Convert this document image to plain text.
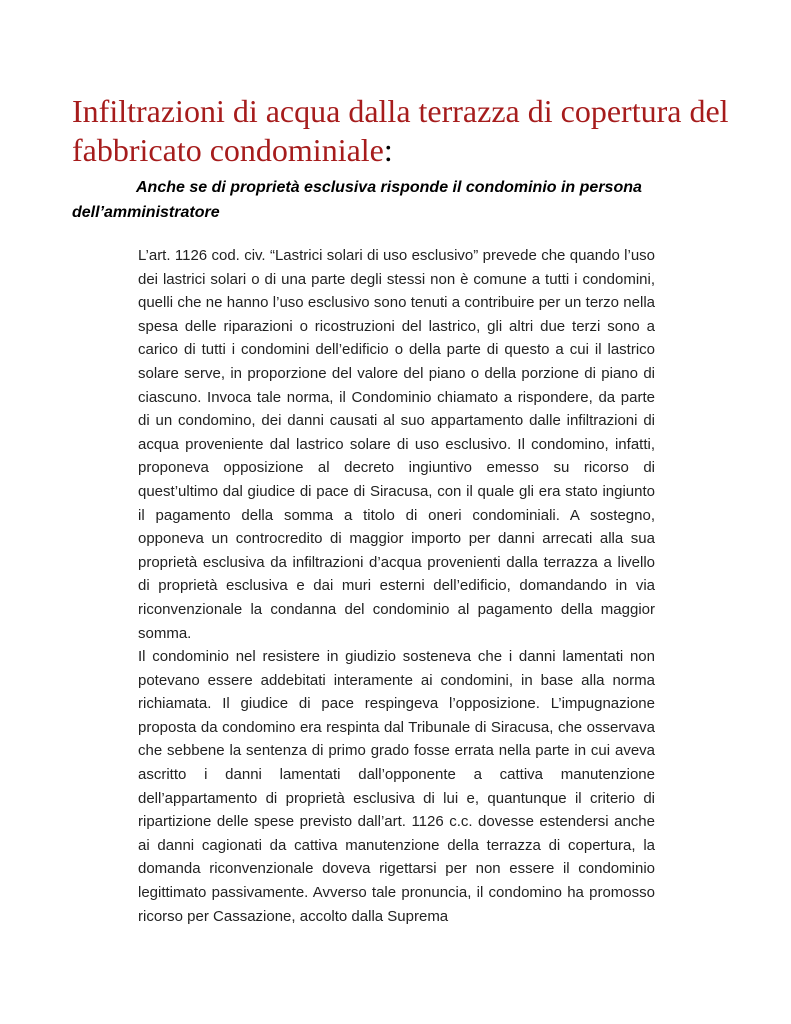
Infiltrazioni di acqua dalla terrazza di copertura del fabbricato condominiale:

Anche se di proprietà esclusiva risponde il condominio in persona dell’amministratore

L’art. 1126 cod. civ. “Lastrici solari di uso esclusivo” prevede che quando l’uso dei lastrici solari o di una parte degli stessi non è comune a tutti i condomini, quelli che ne hanno l’uso esclusivo sono tenuti a contribuire per un terzo nella spesa delle riparazioni o ricostruzioni del lastrico, gli altri due terzi sono a carico di tutti i condomini dell’edificio o della parte di questo a cui il lastrico solare serve, in proporzione del valore del piano o della porzione di piano di ciascuno. Invoca tale norma, il Condominio chiamato a rispondere, da parte di un condomino, dei danni causati al suo appartamento dalle infiltrazioni di acqua proveniente dal lastrico solare di uso esclusivo. Il condomino, infatti, proponeva opposizione al decreto ingiuntivo emesso su ricorso di quest’ultimo dal giudice di pace di Siracusa, con il quale gli era stato ingiunto il pagamento della somma a titolo di oneri condominiali. A sostegno, opponeva un controcredito di maggior importo per danni arrecati alla sua proprietà esclusiva da infiltrazioni d’acqua provenienti dalla terrazza a livello di proprietà esclusiva e dai muri esterni dell’edificio, domandando in via riconvenzionale la condanna del condominio al pagamento della maggior somma.

Il condominio nel resistere in giudizio sosteneva che i danni lamentati non potevano essere addebitati interamente ai condomini, in base alla norma richiamata. Il giudice di pace respingeva l’opposizione. L’impugnazione proposta da condomino era respinta dal Tribunale di Siracusa, che osservava che sebbene la sentenza di primo grado fosse errata nella parte in cui aveva ascritto i danni lamentati dall’opponente a cattiva manutenzione dell’appartamento di proprietà esclusiva di lui e, quantunque il criterio di ripartizione delle spese previsto dall’art. 1126 c.c. dovesse estendersi anche ai danni cagionati da cattiva manutenzione della terrazza di copertura, la domanda riconvenzionale doveva rigettarsi per non essere il condominio legittimato passivamente. Avverso tale pronuncia, il condomino ha promosso ricorso per Cassazione, accolto dalla Suprema
